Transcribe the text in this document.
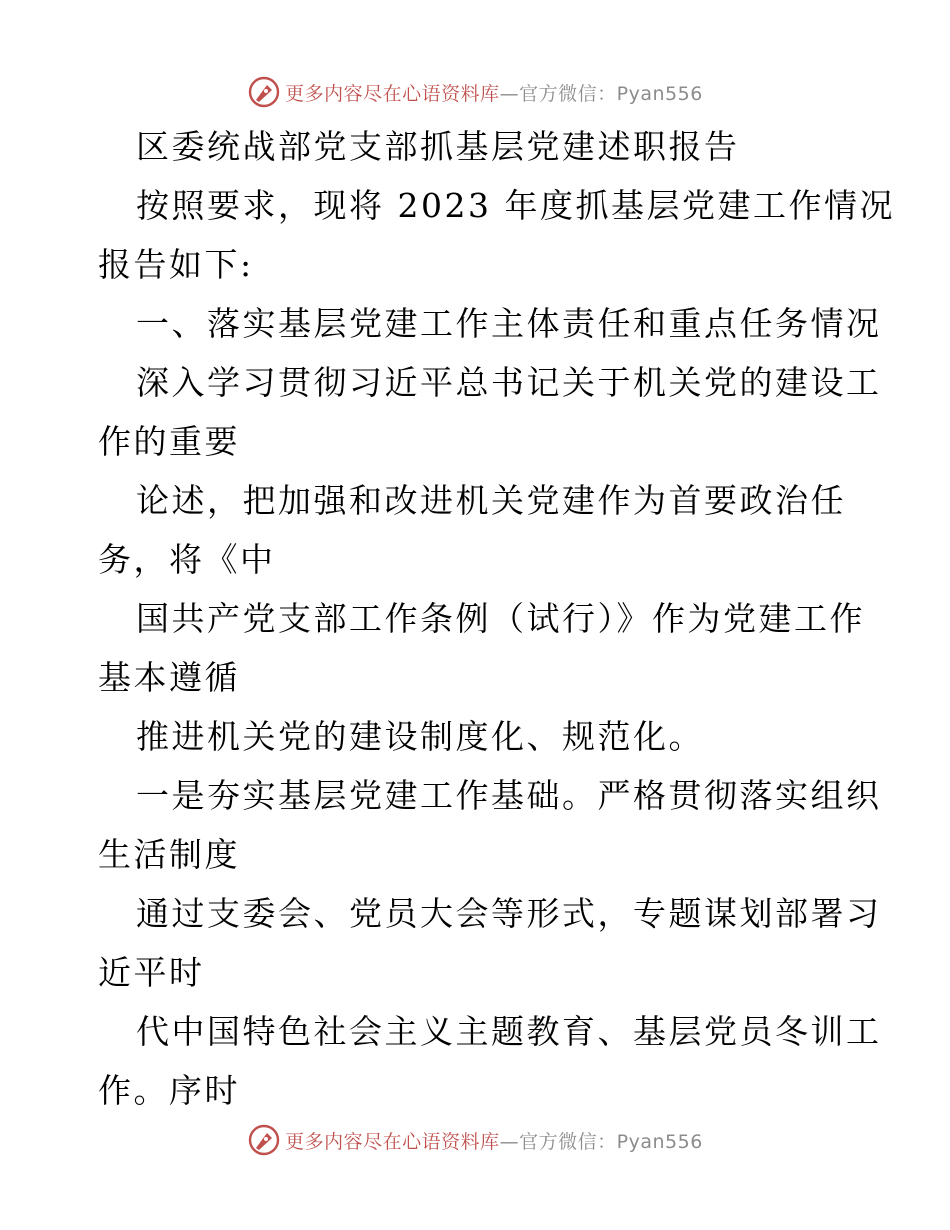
更多内容尽在心语资料库—官方微信：Pyan556
区委统战部党支部抓基层党建述职报告
按照要求，现将 2023 年度抓基层党建工作情况
报告如下:
一、落实基层党建工作主体责任和重点任务情况
深入学习贯彻习近平总书记关于机关党的建设工
作的重要
论述，把加强和改进机关党建作为首要政治任
务，将《中
国共产党支部工作条例（试行）》作为党建工作
基本遵循
推进机关党的建设制度化、规范化。
一是夯实基层党建工作基础。严格贯彻落实组织
生活制度
通过支委会、党员大会等形式，专题谋划部署习
近平时
代中国特色社会主义主题教育、基层党员冬训工
作。序时
更多内容尽在心语资料库—官方微信：Pyan556
